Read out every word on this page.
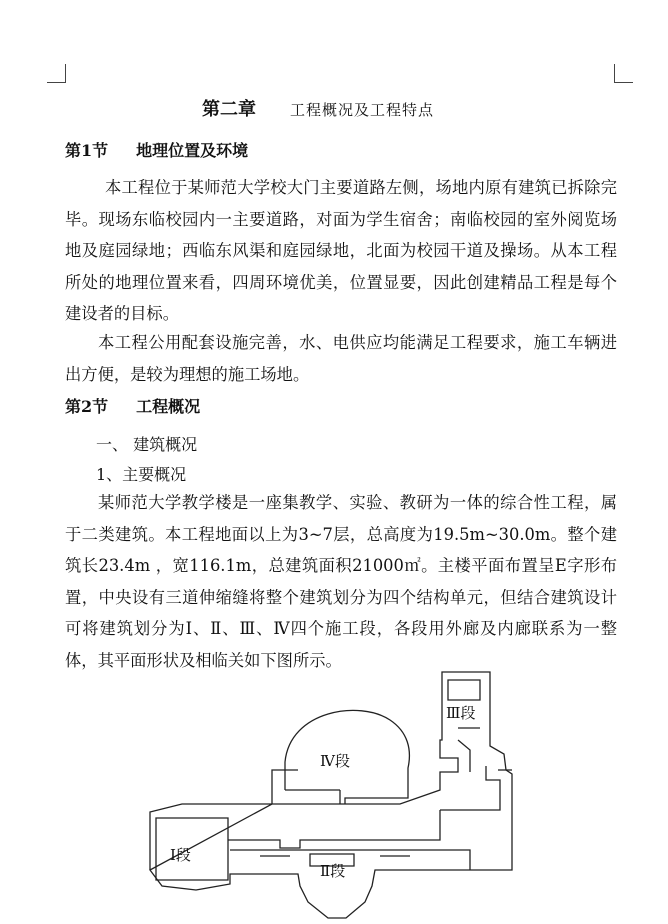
第二章 工程概况及工程特点
第1节 地理位置及环境

本工程位于某师范大学校大门主要道路左侧，场地内原有建筑已拆除完毕。现场东临校园内一主要道路，对面为学生宿舍；南临校园的室外阅览场地及庭园绿地；西临东风渠和庭园绿地，北面为校园干道及操场。从本工程所处的地理位置来看，四周环境优美，位置显要，因此创建精品工程是每个建设者的目标。

本工程公用配套设施完善，水、电供应均能满足工程要求，施工车辆进出方便，是较为理想的施工场地。

第2节 工程概况
一、 建筑概况
1、主要概况

某师范大学教学楼是一座集教学、实验、教研为一体的综合性工程，属于二类建筑。本工程地面以上为3~7层，总高度为19.5m~30.0m。整个建筑长23.4m ，宽116.1m，总建筑面积21000㎡。主楼平面布置呈E字形布置，中央设有三道伸缩缝将整个建筑划分为四个结构单元，但结合建筑设计可将建筑划分为Ⅰ、Ⅱ、Ⅲ、Ⅳ四个施工段，各段用外廊及内廊联系为一整体，其平面形状及相临关如下图所示。

Ⅰ段
Ⅱ段
Ⅲ段
Ⅳ段
